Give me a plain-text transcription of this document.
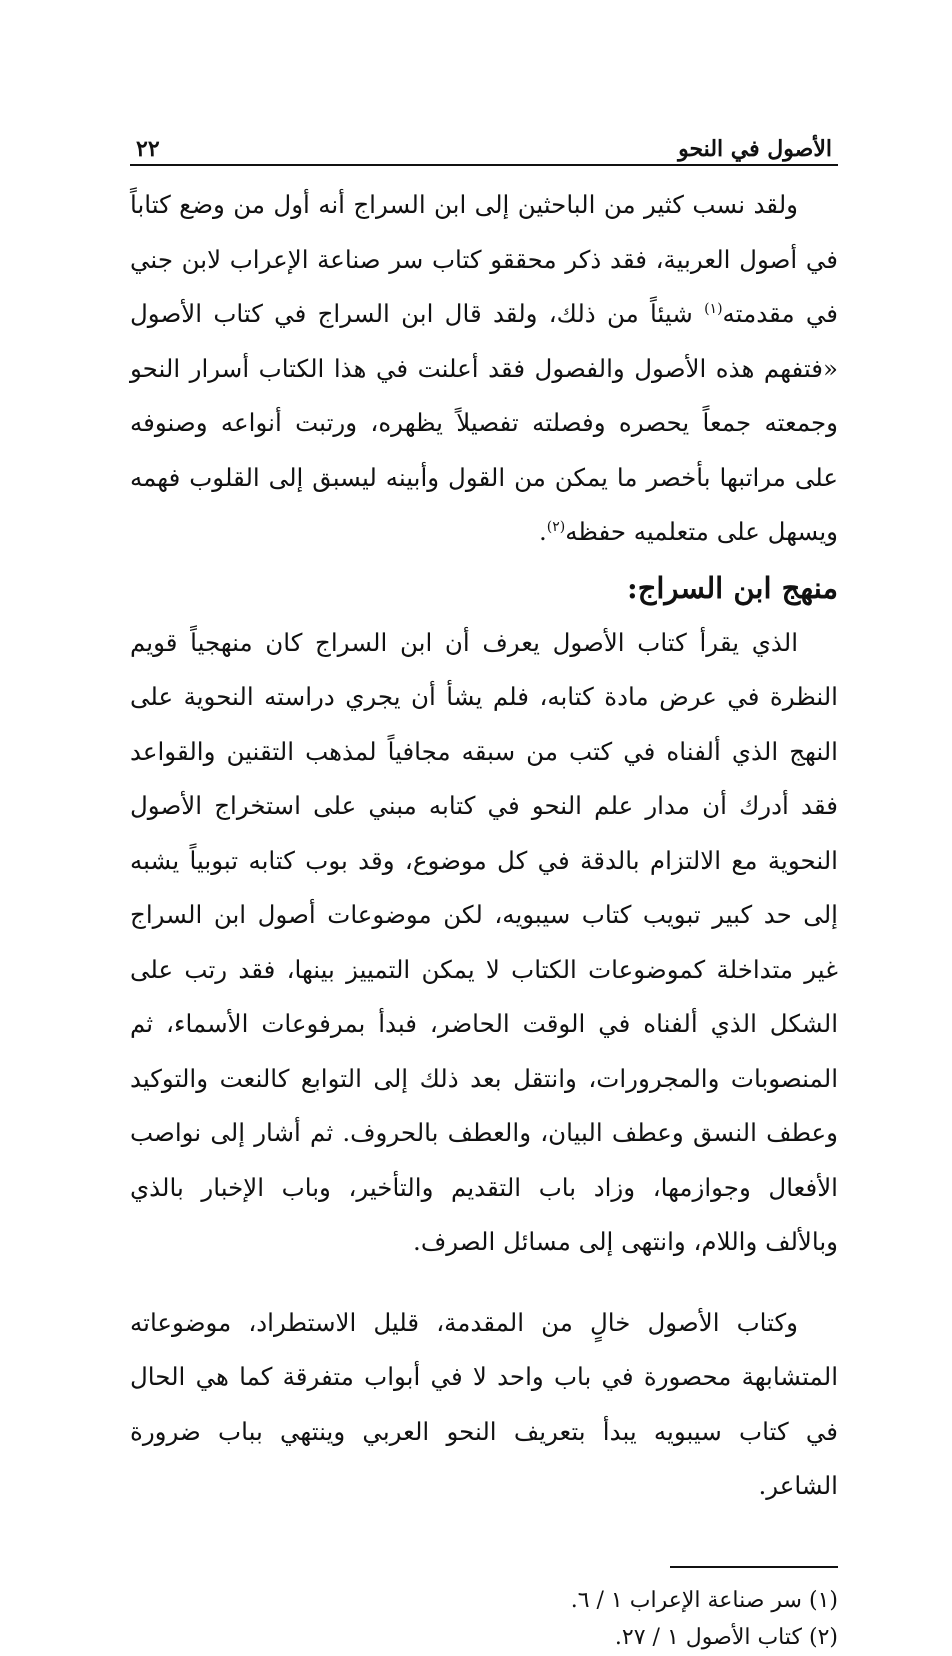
الأصول في النحو
٢٢

ولقد نسب كثير من الباحثين إلى ابن السراج أنه أول من وضع كتاباً في أصول العربية، فقد ذكر محققو كتاب سر صناعة الإعراب لابن جني في مقدمته$^{(١)}$ شيئاً من ذلك، ولقد قال ابن السراج في كتاب الأصول «فتفهم هذه الأصول والفصول فقد أعلنت في هذا الكتاب أسرار النحو وجمعته جمعاً يحصره وفصلته تفصيلاً يظهره، ورتبت أنواعه وصنوفه على مراتبها بأخصر ما يمكن من القول وأبينه ليسبق إلى القلوب فهمه ويسهل على متعلميه حفظه$^{(٢)}$.

منهج ابن السراج:

الذي يقرأ كتاب الأصول يعرف أن ابن السراج كان منهجياً قويم النظرة في عرض مادة كتابه، فلم يشأ أن يجري دراسته النحوية على النهج الذي ألفناه في كتب من سبقه مجافياً لمذهب التقنين والقواعد فقد أدرك أن مدار علم النحو في كتابه مبني على استخراج الأصول النحوية مع الالتزام بالدقة في كل موضوع، وقد بوب كتابه تبوبياً يشبه إلى حد كبير تبويب كتاب سيبويه، لكن موضوعات أصول ابن السراج غير متداخلة كموضوعات الكتاب لا يمكن التمييز بينها، فقد رتب على الشكل الذي ألفناه في الوقت الحاضر، فبدأ بمرفوعات الأسماء، ثم المنصوبات والمجرورات، وانتقل بعد ذلك إلى التوابع كالنعت والتوكيد وعطف النسق وعطف البيان، والعطف بالحروف. ثم أشار إلى نواصب الأفعال وجوازمها، وزاد باب التقديم والتأخير، وباب الإخبار بالذي وبالألف واللام، وانتهى إلى مسائل الصرف.

وكتاب الأصول خالٍ من المقدمة، قليل الاستطراد، موضوعاته المتشابهة محصورة في باب واحد لا في أبواب متفرقة كما هي الحال في كتاب سيبويه يبدأ بتعريف النحو العربي وينتهي بباب ضرورة الشاعر.

(١) سر صناعة الإعراب ١ / ٦.

(٢) كتاب الأصول ١ / ٢٧.
